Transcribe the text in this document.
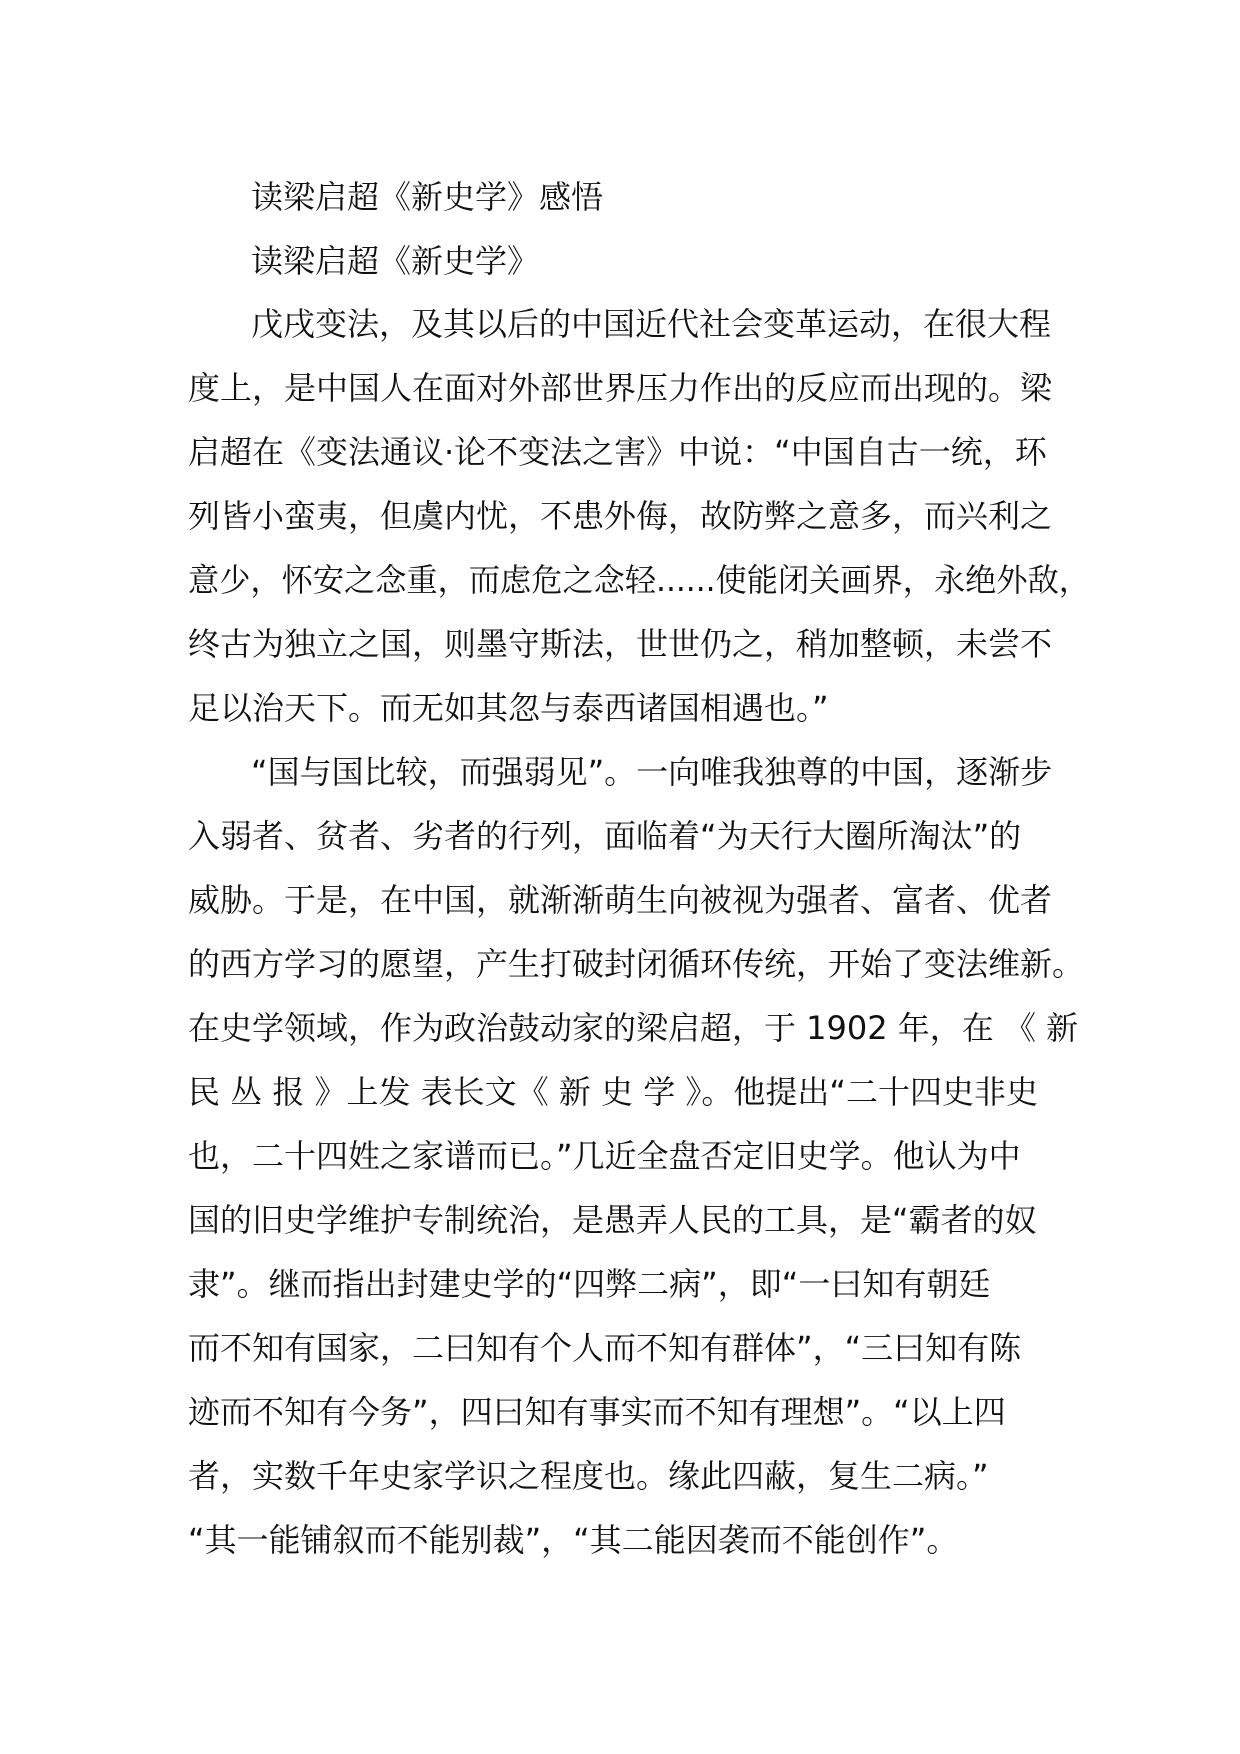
读梁启超《新史学》感悟
读梁启超《新史学》
戊戌变法，及其以后的中国近代社会变革运动，在很大程
度上，是中国人在面对外部世界压力作出的反应而出现的。梁
启超在《变法通议·论不变法之害》中说：“中国自古一统，环
列皆小蛮夷，但虞内忧，不患外侮，故防弊之意多，而兴利之
意少，怀安之念重，而虑危之念轻......使能闭关画界，永绝外敌，
终古为独立之国，则墨守斯法，世世仍之，稍加整顿，未尝不
足以治天下。而无如其忽与泰西诸国相遇也。”
“国与国比较，而强弱见”。一向唯我独尊的中国，逐渐步
入弱者、贫者、劣者的行列，面临着“为天行大圈所淘汰”的
威胁。于是，在中国，就渐渐萌生向被视为强者、富者、优者
的西方学习的愿望，产生打破封闭循环传统，开始了变法维新。
在史学领域，作为政治鼓动家的梁启超，于 1902 年，在 《 新
民 丛 报 》上发 表长文《 新 史 学 》。他提出“二十四史非史
也，二十四姓之家谱而已。”几近全盘否定旧史学。他认为中
国的旧史学维护专制统治，是愚弄人民的工具，是“霸者的奴
隶”。继而指出封建史学的“四弊二病”，即“一曰知有朝廷
而不知有国家，二曰知有个人而不知有群体”，“三曰知有陈
迹而不知有今务”，四曰知有事实而不知有理想”。“以上四
者，实数千年史家学识之程度也。缘此四蔽，复生二病。”
“其一能铺叙而不能别裁”，“其二能因袭而不能创作”。
